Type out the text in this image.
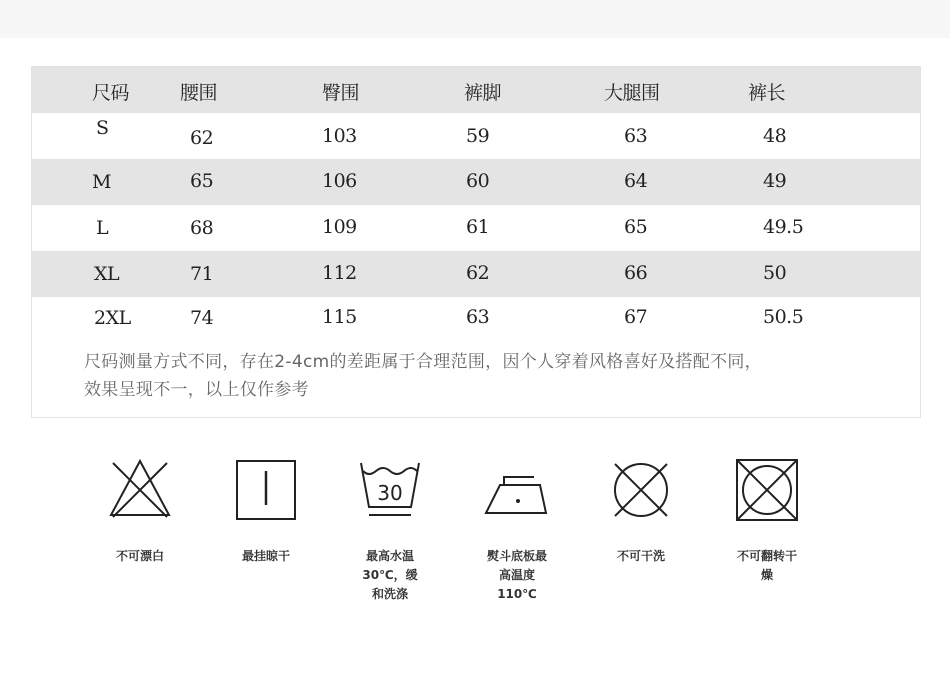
尺码	腰围	臀围	裤脚	大腿围	裤长
S	62	103	59	63	48
M	65	106	60	64	49
L	68	109	61	65	49.5
XL	71	112	62	66	50
2XL	74	115	63	67	50.5
尺码测量方式不同，存在2-4cm的差距属于合理范围，因个人穿着风格喜好及搭配不同，
效果呈现不一，以上仅作参考
不可漂白	最挂晾干
30
最高水温
30℃，缓
和洗涤
熨斗底板最
高温度
110℃
不可干洗	不可翻转干
燥
